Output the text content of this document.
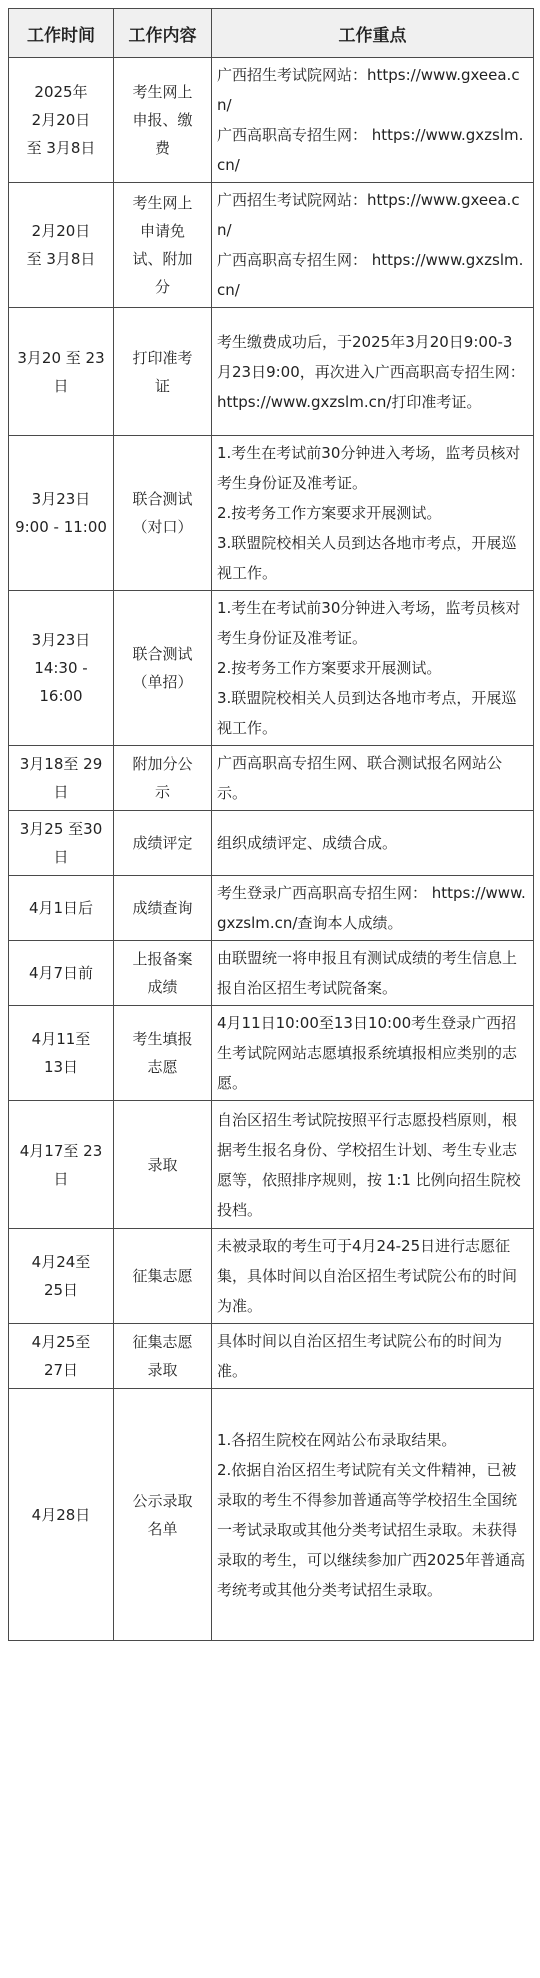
工作时间	工作内容	工作重点

2025年
2月20日
至 3月8日	考生网上
申报、缴
费	广西招生考试院网站：https://www.gxeea.cn/
广西高职高专招生网： https://www.gxzslm.cn/

2月20日
至 3月8日	考生网上
申请免
试、附加
分	广西招生考试院网站：https://www.gxeea.cn/
广西高职高专招生网： https://www.gxzslm.cn/

3月20 至 23
日	打印准考
证	考生缴费成功后，于2025年3月20日9:00-3月23日9:00，再次进入广西高职高专招生网：https://www.gxzslm.cn/打印准考证。

3月23日
9:00 - 11:00	联合测试
（对口）	1.考生在考试前30分钟进入考场，监考员核对考生身份证及准考证。
2.按考务工作方案要求开展测试。
3.联盟院校相关人员到达各地市考点，开展巡视工作。

3月23日
14:30 - 16:00	联合测试
（单招）	1.考生在考试前30分钟进入考场，监考员核对考生身份证及准考证。
2.按考务工作方案要求开展测试。
3.联盟院校相关人员到达各地市考点，开展巡视工作。

3月18至 29
日	附加分公
示	广西高职高专招生网、联合测试报名网站公示。

3月25 至30
日	成绩评定	组织成绩评定、成绩合成。

4月1日后	成绩查询	考生登录广西高职高专招生网： https://www.gxzslm.cn/查询本人成绩。

4月7日前	上报备案
成绩	由联盟统一将申报且有测试成绩的考生信息上报自治区招生考试院备案。

4月11至
13日	考生填报
志愿	4月11日10:00至13日10:00考生登录广西招生考试院网站志愿填报系统填报相应类别的志愿。

4月17至 23
日	录取	自治区招生考试院按照平行志愿投档原则，根据考生报名身份、学校招生计划、考生专业志愿等，依照排序规则，按 1:1 比例向招生院校投档。

4月24至
25日	征集志愿	未被录取的考生可于4月24-25日进行志愿征集，具体时间以自治区招生考试院公布的时间为准。

4月25至
27日	征集志愿
录取	具体时间以自治区招生考试院公布的时间为准。

4月28日	公示录取
名单	1.各招生院校在网站公布录取结果。
2.依据自治区招生考试院有关文件精神，已被录取的考生不得参加普通高等学校招生全国统一考试录取或其他分类考试招生录取。未获得录取的考生，可以继续参加广西2025年普通高考统考或其他分类考试招生录取。
